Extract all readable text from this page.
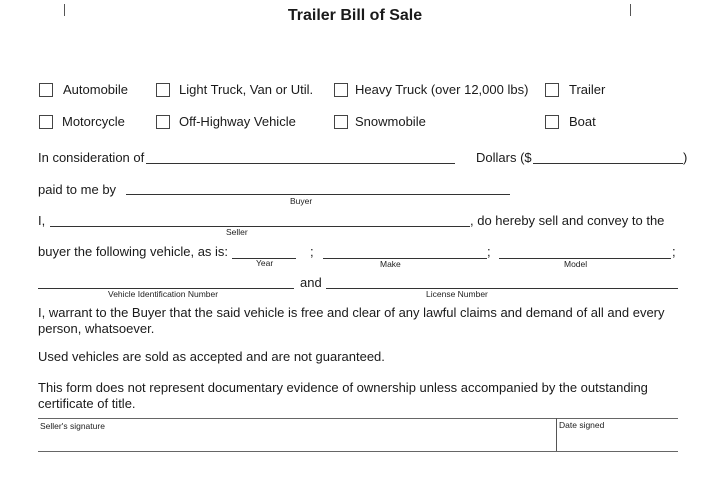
Trailer Bill of Sale
Automobile	Light Truck, Van or Util.	Heavy Truck (over 12,000 lbs)	Trailer
Motorcycle	Off-Highway Vehicle	Snowmobile	Boat
In consideration of	Dollars ($	)
paid to me by
Buyer
I,	, do hereby sell and convey to the
Seller
buyer the following vehicle, as is:	;	;	;
Year	Make	Model
and
Vehicle Identification Number	License Number
I, warrant to the Buyer that the said vehicle is free and clear of any lawful claims and demand of all and every
person, whatsoever.
Used vehicles are sold as accepted and are not guaranteed.
This form does not represent documentary evidence of ownership unless accompanied by the outstanding
certificate of title.
Seller's signature	Date signed
